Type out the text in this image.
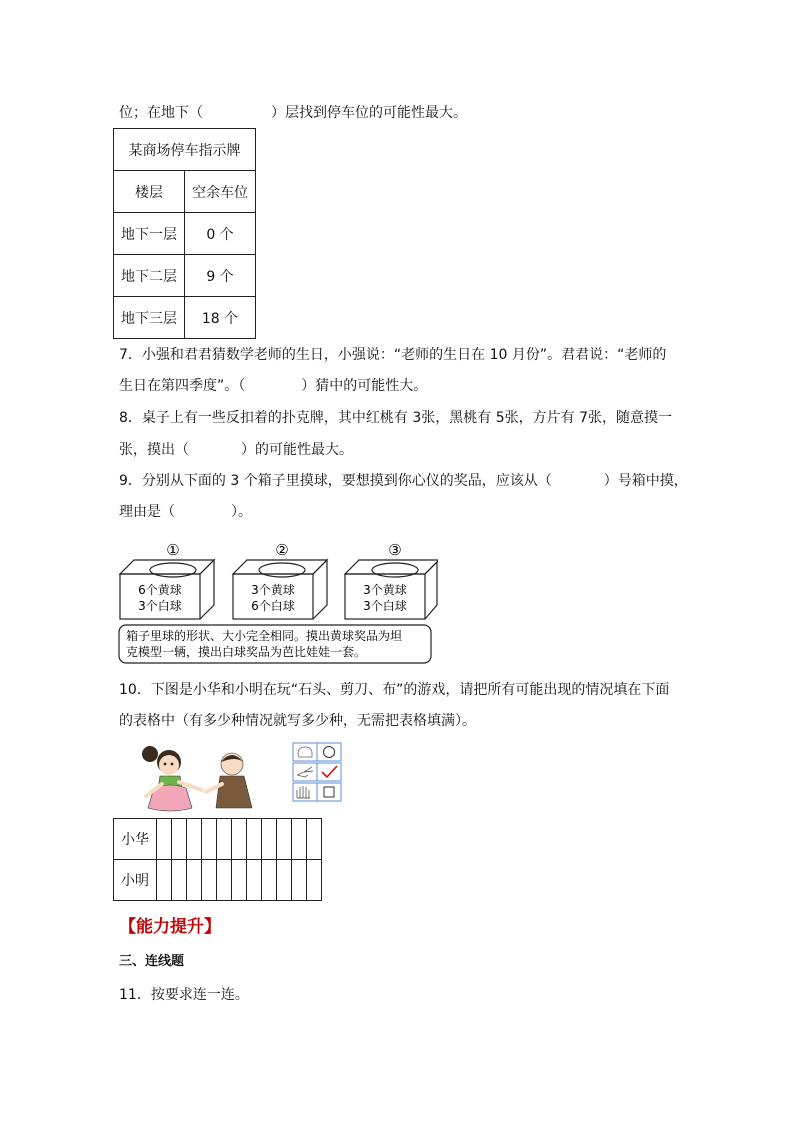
位；在地下（	）层找到停车位的可能性最大。
某商场停车指示牌	
楼层	空余车位
地下一层	0 个
地下二层	9 个
地下三层	18 个
7．小强和君君猜数学老师的生日，小强说：“老师的生日在 10 月份”。君君说：“老师的
生日在第四季度”。（	）猜中的可能性大。
8．桌子上有一些反扣着的扑克牌，其中红桃有 3张，黑桃有 5张，方片有 7张，随意摸一
张，摸出（	）的可能性最大。
9．分别从下面的 3 个箱子里摸球，要想摸到你心仪的奖品，应该从（	）号箱中摸，
理由是（	）。
①
6个黄球
3个白球
②
3个黄球
6个白球
③
3个黄球
3个白球
箱子里球的形状、大小完全相同。摸出黄球奖品为坦
克模型一辆，摸出白球奖品为芭比娃娃一套。
10．下图是小华和小明在玩“石头、剪刀、布”的游戏，请把所有可能出现的情况填在下面
的表格中（有多少种情况就写多少种，无需把表格填满）。
小华											
小明											
【能力提升】
三、连线题
11．按要求连一连。
